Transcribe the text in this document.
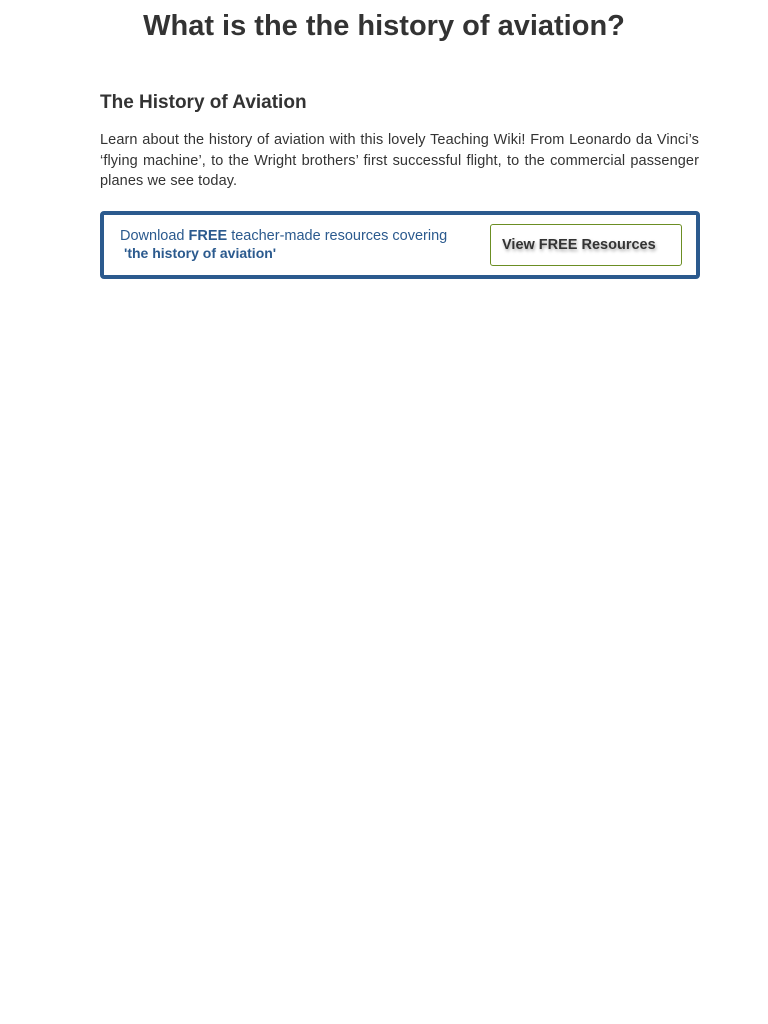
What is the the history of aviation?
The History of Aviation

Learn about the history of aviation with this lovely Teaching Wiki! From Leonardo da Vinci’s ‘flying machine’, to the Wright brothers’ first successful flight, to the commercial passenger planes we see today.

Download FREE teacher-made resources covering
'the history of aviation'	View FREE Resources
